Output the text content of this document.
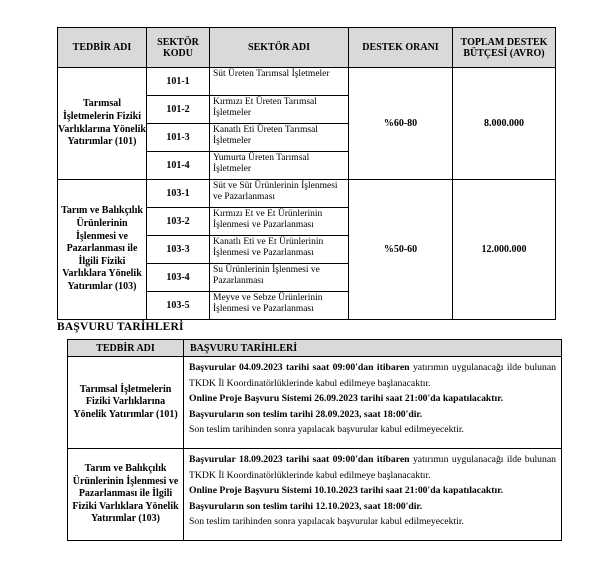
TEDBİR ADI	SEKTÖR KODU	SEKTÖR ADI	DESTEK ORANI	TOPLAM DESTEK BÜTÇESİ (AVRO)
Tarımsal İşletmelerin Fiziki Varlıklarına Yönelik Yatırımlar (101)	101-1	Süt Üreten Tarımsal İşletmeler	%60-80	8.000.000
	101-2	Kırmızı Et Üreten Tarımsal İşletmeler		
	101-3	Kanatlı Eti Üreten Tarımsal İşletmeler		
	101-4	Yumurta Üreten Tarımsal İşletmeler		
Tarım ve Balıkçılık Ürünlerinin İşlenmesi ve Pazarlanması ile İlgili Fiziki Varlıklara Yönelik Yatırımlar (103)	103-1	Süt ve Süt Ürünlerinin İşlenmesi ve Pazarlanması	%50-60	12.000.000
	103-2	Kırmızı Et ve Et Ürünlerinin İşlenmesi ve Pazarlanması		
	103-3	Kanatlı Eti ve Et Ürünlerinin İşlenmesi ve Pazarlanması		
	103-4	Su Ürünlerinin İşlenmesi ve Pazarlanması		
	103-5	Meyve ve Sebze Ürünlerinin İşlenmesi ve Pazarlanması		
BAŞVURU TARİHLERİ
TEDBİR ADI	BAŞVURU TARİHLERİ
Tarımsal İşletmelerin Fiziki Varlıklarına Yönelik Yatırımlar (101)	Başvurular 04.09.2023 tarihi saat 09:00'dan itibaren yatırımın uygulanacağı ilde bulunan TKDK İl Koordinatörlüklerinde kabul edilmeye başlanacaktır.

Online Proje Başvuru Sistemi 26.09.2023 tarihi saat 21:00'da kapatılacaktır.

Başvuruların son teslim tarihi 28.09.2023, saat 18:00'dir.

Son teslim tarihinden sonra yapılacak başvurular kabul edilmeyecektir.

Tarım ve Balıkçılık Ürünlerinin İşlenmesi ve Pazarlanması ile İlgili Fiziki Varlıklara Yönelik Yatırımlar (103)	Başvurular 18.09.2023 tarihi saat 09:00'dan itibaren yatırımın uygulanacağı ilde bulunan TKDK İl Koordinatörlüklerinde kabul edilmeye başlanacaktır.

Online Proje Başvuru Sistemi 10.10.2023 tarihi saat 21:00'da kapatılacaktır.

Başvuruların son teslim tarihi 12.10.2023, saat 18:00'dir.

Son teslim tarihinden sonra yapılacak başvurular kabul edilmeyecektir.
